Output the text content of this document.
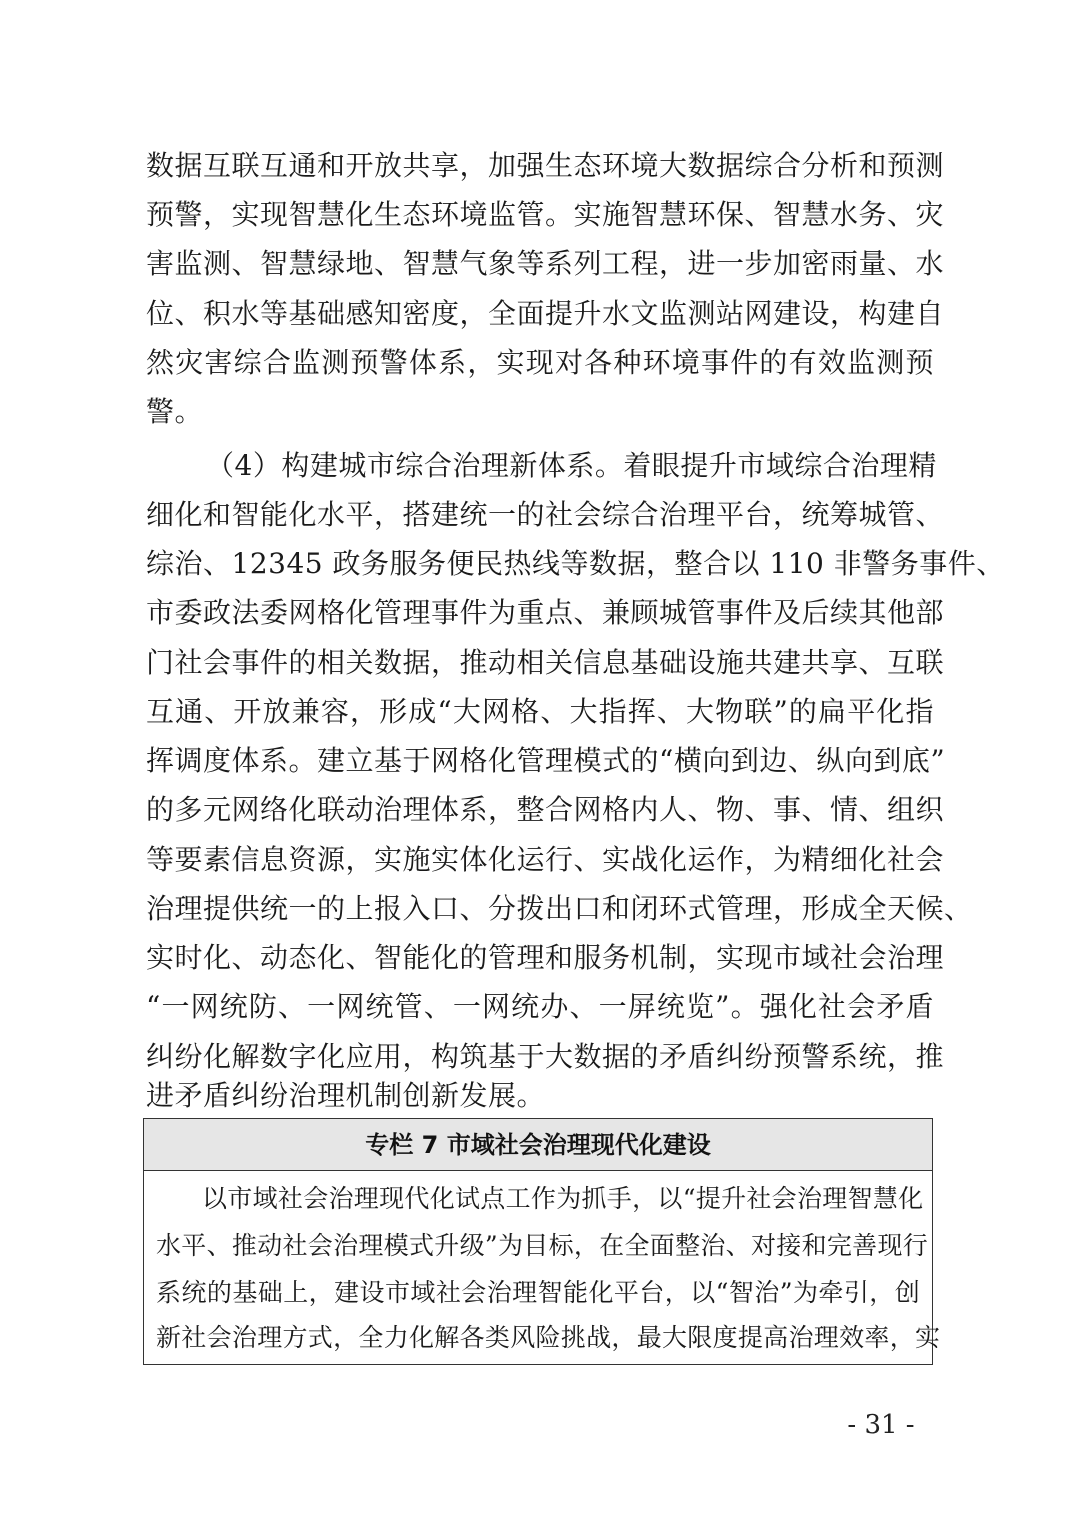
数据互联互通和开放共享，加强生态环境大数据综合分析和预测
预警，实现智慧化生态环境监管。实施智慧环保、智慧水务、灾
害监测、智慧绿地、智慧气象等系列工程，进一步加密雨量、水
位、积水等基础感知密度，全面提升水文监测站网建设，构建自
然灾害综合监测预警体系，实现对各种环境事件的有效监测预
警。
（4）构建城市综合治理新体系。着眼提升市域综合治理精
细化和智能化水平，搭建统一的社会综合治理平台，统筹城管、
综治、12345 政务服务便民热线等数据，整合以 110 非警务事件、
市委政法委网格化管理事件为重点、兼顾城管事件及后续其他部
门社会事件的相关数据，推动相关信息基础设施共建共享、互联
互通、开放兼容，形成“大网格、大指挥、大物联”的扁平化指
挥调度体系。建立基于网格化管理模式的“横向到边、纵向到底”
的多元网络化联动治理体系，整合网格内人、物、事、情、组织
等要素信息资源，实施实体化运行、实战化运作，为精细化社会
治理提供统一的上报入口、分拨出口和闭环式管理，形成全天候、
实时化、动态化、智能化的管理和服务机制，实现市域社会治理
“一网统防、一网统管、一网统办、一屏统览”。强化社会矛盾
纠纷化解数字化应用，构筑基于大数据的矛盾纠纷预警系统，推
进矛盾纠纷治理机制创新发展。
专栏 7 市域社会治理现代化建设
以市域社会治理现代化试点工作为抓手，以“提升社会治理智慧化
水平、推动社会治理模式升级”为目标，在全面整治、对接和完善现行
系统的基础上，建设市域社会治理智能化平台，以“智治”为牵引，创
新社会治理方式，全力化解各类风险挑战，最大限度提高治理效率，实
- 31 -
